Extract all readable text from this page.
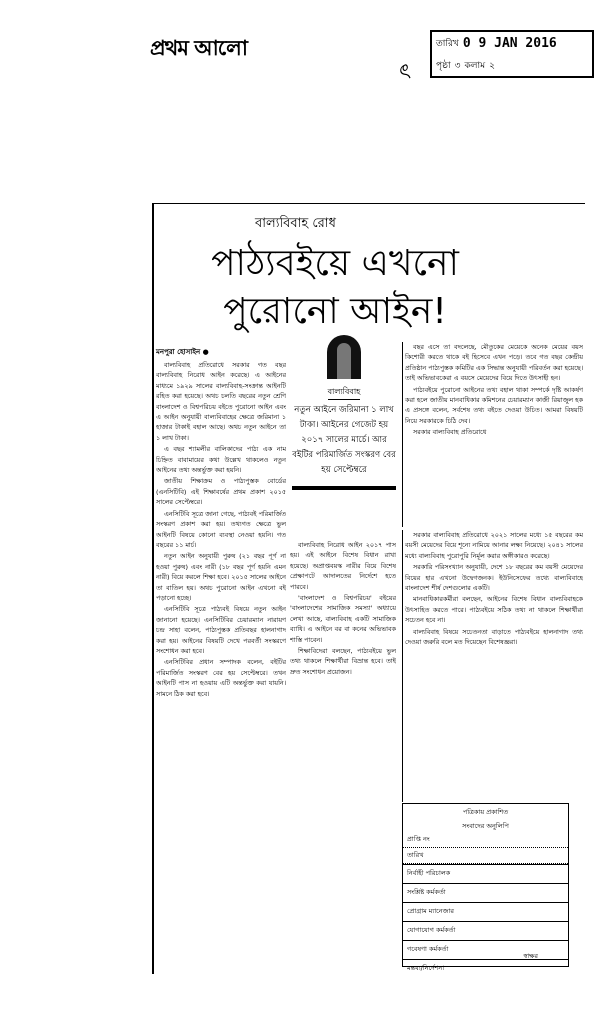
প্রথম আলো	তারিখ 0 9 JAN 2016
পৃষ্ঠা ৩ কলাম ২
ৎ
বাল্যবিবাহ রোধ
পাঠ্যবইয়ে এখনো
পুরোনো আইন!
মনপুরা হোসাইন ●

বাল্যবিবাহ প্রতিরোধে সরকার গত বছর বাল্যবিবাহ নিরোধ আইন করেছে। এ আইনের মাধ্যমে ১৯২৯ সালের বাল্যবিবাহ-সংক্রান্ত আইনটি রহিত করা হয়েছে। অথচ চলতি বছরের নতুন শ্রেণি বাংলাদেশ ও বিশ্বপরিচয় বইতে পুরোনো আইন এবং এ আইন অনুযায়ী বাল্যবিবাহের ক্ষেত্রে জরিমানা ১ হাজার টাকাই বহাল আছে। অথচ নতুন আইনে তা ১ লাখ টাকা।

এ বছর শ্যামলীর বালিকাদের পাঠ্য এক নাম চিহ্নিত বাবামায়ের কথা উল্লেখ থাকলেও নতুন আইনের তথ্য অন্তর্ভুক্ত করা হয়নি।

জাতীয় শিক্ষাক্রম ও পাঠ্যপুস্তক বোর্ডের (এনসিটিবি) এই শিক্ষাবর্ষের প্রথম প্রকাশ ২০১৫ সালের সেপ্টেম্বরে।

এনসিটিবি সূত্রে জানা গেছে, পাঠ্যবই পরিমার্জিত সংস্করণ প্রকাশ করা হয়। তথ্যগত ক্ষেত্রে ভুল আইনটি বিষয়ে কোনো ব্যবস্থা নেওয়া হয়নি। গত বছরের ১১ মার্চ।

নতুন আইন অনুযায়ী পুরুষ (২১ বছর পূর্ণ না হওয়া পুরুষ) এবং নারী (১৮ বছর পূর্ণ হয়নি এমন নারী) বিয়ে করলে শিক্ষা হবে। ২০১৫ সালের আইনে তা বাতিল হয়। অথচ পুরোনো আইন এখনো বই পড়ানো হচ্ছে।

এনসিটিবি সূত্রে পাঠ্যবই বিষয়ে নতুন আইন জানানো হয়েছে। এনসিটিবির চেয়ারম্যান নারায়ণ চন্দ্র সাহা বলেন, পাঠ্যপুস্তক প্রতিবছর হালনাগাদ করা হয়। আইনের বিষয়টি দেখে পরবর্তী সংস্করণে সংশোধন করা হবে।

এনসিটিবির প্রধান সম্পাদক বলেন, বইটির পরিমার্জিত সংস্করণ বের হয় সেপ্টেম্বরে। তখন আইনটি পাস না হওয়ায় এটি অন্তর্ভুক্ত করা যায়নি। সামনে ঠিক করা হবে।

বাল্যবিবাহ
নতুন আইনে জরিমানা ১ লাখ টাকা। আইনের গেজেট হয় ২০১৭ সালের মার্চে। আর বইটির পরিমার্জিত সংস্করণ বের হয় সেপ্টেম্বরে

বছর এসে তা বদলেছে, মৌতুকের মেয়েকে অনেক মেয়ের বয়স কিশোরী করতে থাকে বই হিসেবে এখন পড়ে। তবে গত বছর কেন্দ্রীয় প্রতিষ্ঠান পাঠ্যপুস্তক কমিটির এক সিদ্ধান্ত অনুযায়ী পরিবর্তন করা হয়েছে। তাই অভিভাবকেরা এ বয়সে মেয়েদের বিয়ে দিতে উৎসাহী হন।

পাঠ্যবইয়ে পুরোনো আইনের তথ্য বহাল থাকা সম্পর্কে দৃষ্টি আকর্ষণ করা হলে জাতীয় মানবাধিকার কমিশনের চেয়ারম্যান কাজী রিয়াজুল হক এ প্রসঙ্গে বলেন, সর্বশেষ তথ্য বইতে দেওয়া উচিত। আমরা বিষয়টি নিয়ে সরকারকে চিঠি দেব।

সরকার বাল্যবিবাহ প্রতিরোধে

বাল্যবিবাহ নিরোধ আইন ২০১৭ পাস হয়। এই আইনে বিশেষ বিধান রাখা হয়েছে। অপ্রাপ্তবয়স্ক নারীর বিয়ে বিশেষ প্রেক্ষাপটে আদালতের নির্দেশে হতে পারবে।

'বাংলাদেশ ও বিশ্বপরিচয়' বইয়ের 'বাংলাদেশের সামাজিক সমস্যা' অধ্যায়ে লেখা আছে, বাল্যবিবাহ একটি সামাজিক ব্যাধি। এ আইনে বর বা কনের অভিভাবক শাস্তি পাবেন।

শিক্ষাবিদেরা বলছেন, পাঠ্যবইয়ে ভুল তথ্য থাকলে শিক্ষার্থীরা বিভ্রান্ত হবে। তাই দ্রুত সংশোধন প্রয়োজন।

সরকার বাল্যবিবাহ প্রতিরোধে ২০২১ সালের মধ্যে ১৫ বছরের কম বয়সী মেয়েদের বিয়ে শূন্যে নামিয়ে আনার লক্ষ্য নিয়েছে। ২০৪১ সালের মধ্যে বাল্যবিবাহ পুরোপুরি নির্মূল করার অঙ্গীকারও করেছে।

সরকারি পরিসংখ্যান অনুযায়ী, দেশে ১৮ বছরের কম বয়সী মেয়েদের বিয়ের হার এখনো উদ্বেগজনক। ইউনিসেফের তথ্যে বাল্যবিবাহে বাংলাদেশ শীর্ষ দেশগুলোর একটি।

মানবাধিকারকর্মীরা বলছেন, আইনের বিশেষ বিধান বাল্যবিবাহকে উৎসাহিত করতে পারে। পাঠ্যবইয়ে সঠিক তথ্য না থাকলে শিক্ষার্থীরা সচেতন হবে না।

বাল্যবিবাহ বিষয়ে সচেতনতা বাড়াতে পাঠ্যবইয়ে হালনাগাদ তথ্য দেওয়া জরুরি বলে মত দিয়েছেন বিশেষজ্ঞরা।

পত্রিকায় প্রকাশিত
সংবাদের অনুলিপি
প্রাপ্তি নং
তারিখ
নির্বাহী পরিচালক
সংশ্লিষ্ট কর্মকর্তা
প্রোগ্রাম ম্যানেজার
যোগাযোগ কর্মকর্তা
গবেষণা কর্মকর্তা
মন্তব্য/নির্দেশনা
স্বাক্ষর
